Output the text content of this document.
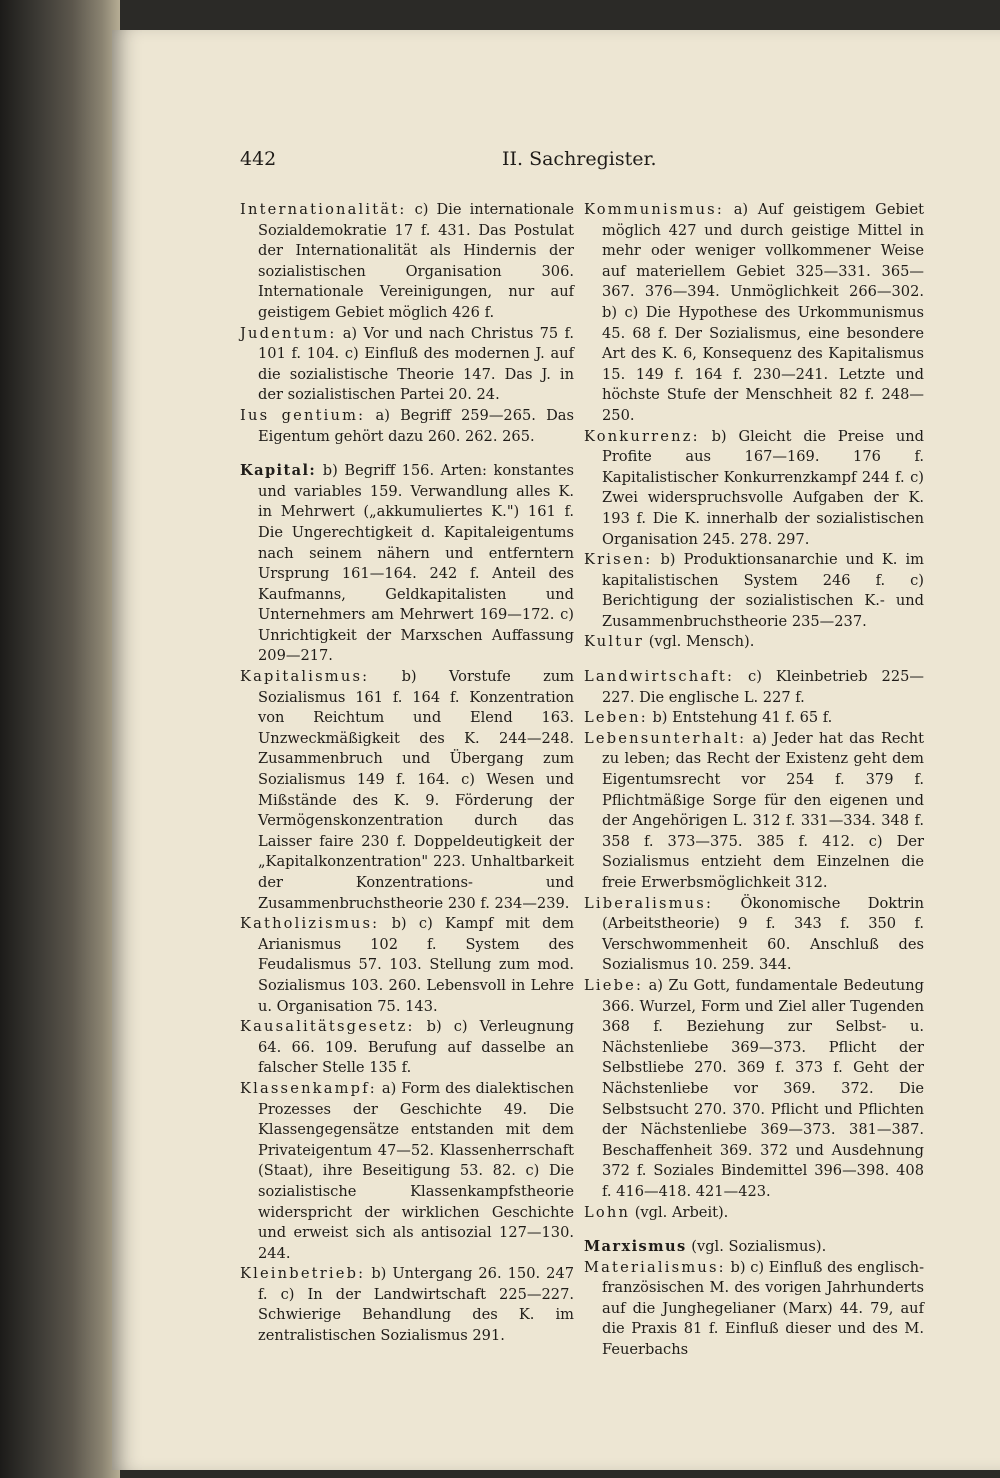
442	II. Sachregister.

Internationalität: c) Die internationale Sozialdemokratie 17 f. 431. Das Postulat der Internationalität als Hindernis der sozialistischen Organisation 306. Internationale Vereinigungen, nur auf geistigem Gebiet möglich 426 f.

Judentum: a) Vor und nach Christus 75 f. 101 f. 104. c) Einfluß des modernen J. auf die sozialistische Theorie 147. Das J. in der sozialistischen Partei 20. 24.

Ius gentium: a) Begriff 259—265. Das Eigentum gehört dazu 260. 262. 265.

Kapital: b) Begriff 156. Arten: konstantes und variables 159. Verwandlung alles K. in Mehrwert („akkumuliertes K.") 161 f. Die Ungerechtigkeit d. Kapitaleigentums nach seinem nähern und entferntern Ursprung 161—164. 242 f. Anteil des Kaufmanns, Geldkapitalisten und Unternehmers am Mehrwert 169—172. c) Unrichtigkeit der Marxschen Auffassung 209—217.

Kapitalismus: b) Vorstufe zum Sozialismus 161 f. 164 f. Konzentration von Reichtum und Elend 163. Unzweckmäßigkeit des K. 244—248. Zusammenbruch und Übergang zum Sozialismus 149 f. 164. c) Wesen und Mißstände des K. 9. Förderung der Vermögenskonzentration durch das Laisser faire 230 f. Doppeldeutigkeit der „Kapitalkonzentration" 223. Unhaltbarkeit der Konzentrations- und Zusammenbruchstheorie 230 f. 234—239.

Katholizismus: b) c) Kampf mit dem Arianismus 102 f. System des Feudalismus 57. 103. Stellung zum mod. Sozialismus 103. 260. Lebensvoll in Lehre u. Organisation 75. 143.

Kausalitätsgesetz: b) c) Verleugnung 64. 66. 109. Berufung auf dasselbe an falscher Stelle 135 f.

Klassenkampf: a) Form des dialektischen Prozesses der Geschichte 49. Die Klassengegensätze entstanden mit dem Privateigentum 47—52. Klassenherrschaft (Staat), ihre Beseitigung 53. 82. c) Die sozialistische Klassenkampfstheorie widerspricht der wirklichen Geschichte und erweist sich als antisozial 127—130. 244.

Kleinbetrieb: b) Untergang 26. 150. 247 f. c) In der Landwirtschaft 225—227. Schwierige Behandlung des K. im zentralistischen Sozialismus 291.

Kommunismus: a) Auf geistigem Gebiet möglich 427 und durch geistige Mittel in mehr oder weniger vollkommener Weise auf materiellem Gebiet 325—331. 365—367. 376—394. Unmöglichkeit 266—302. b) c) Die Hypothese des Urkommunismus 45. 68 f. Der Sozialismus, eine besondere Art des K. 6, Konsequenz des Kapitalismus 15. 149 f. 164 f. 230—241. Letzte und höchste Stufe der Menschheit 82 f. 248—250.

Konkurrenz: b) Gleicht die Preise und Profite aus 167—169. 176 f. Kapitalistischer Konkurrenzkampf 244 f. c) Zwei widerspruchsvolle Aufgaben der K. 193 f. Die K. innerhalb der sozialistischen Organisation 245. 278. 297.

Krisen: b) Produktionsanarchie und K. im kapitalistischen System 246 f. c) Berichtigung der sozialistischen K.- und Zusammenbruchstheorie 235—237.

Kultur (vgl. Mensch).

Landwirtschaft: c) Kleinbetrieb 225—227. Die englische L. 227 f.

Leben: b) Entstehung 41 f. 65 f.

Lebensunterhalt: a) Jeder hat das Recht zu leben; das Recht der Existenz geht dem Eigentumsrecht vor 254 f. 379 f. Pflichtmäßige Sorge für den eigenen und der Angehörigen L. 312 f. 331—334. 348 f. 358 f. 373—375. 385 f. 412. c) Der Sozialismus entzieht dem Einzelnen die freie Erwerbsmöglichkeit 312.

Liberalismus: Ökonomische Doktrin (Arbeitstheorie) 9 f. 343 f. 350 f. Verschwommenheit 60. Anschluß des Sozialismus 10. 259. 344.

Liebe: a) Zu Gott, fundamentale Bedeutung 366. Wurzel, Form und Ziel aller Tugenden 368 f. Beziehung zur Selbst- u. Nächstenliebe 369—373. Pflicht der Selbstliebe 270. 369 f. 373 f. Geht der Nächstenliebe vor 369. 372. Die Selbstsucht 270. 370. Pflicht und Pflichten der Nächstenliebe 369—373. 381—387. Beschaffenheit 369. 372 und Ausdehnung 372 f. Soziales Bindemittel 396—398. 408 f. 416—418. 421—423.

Lohn (vgl. Arbeit).

Marxismus (vgl. Sozialismus).

Materialismus: b) c) Einfluß des englisch-französischen M. des vorigen Jahrhunderts auf die Junghegelianer (Marx) 44. 79, auf die Praxis 81 f. Einfluß dieser und des M. Feuerbachs
